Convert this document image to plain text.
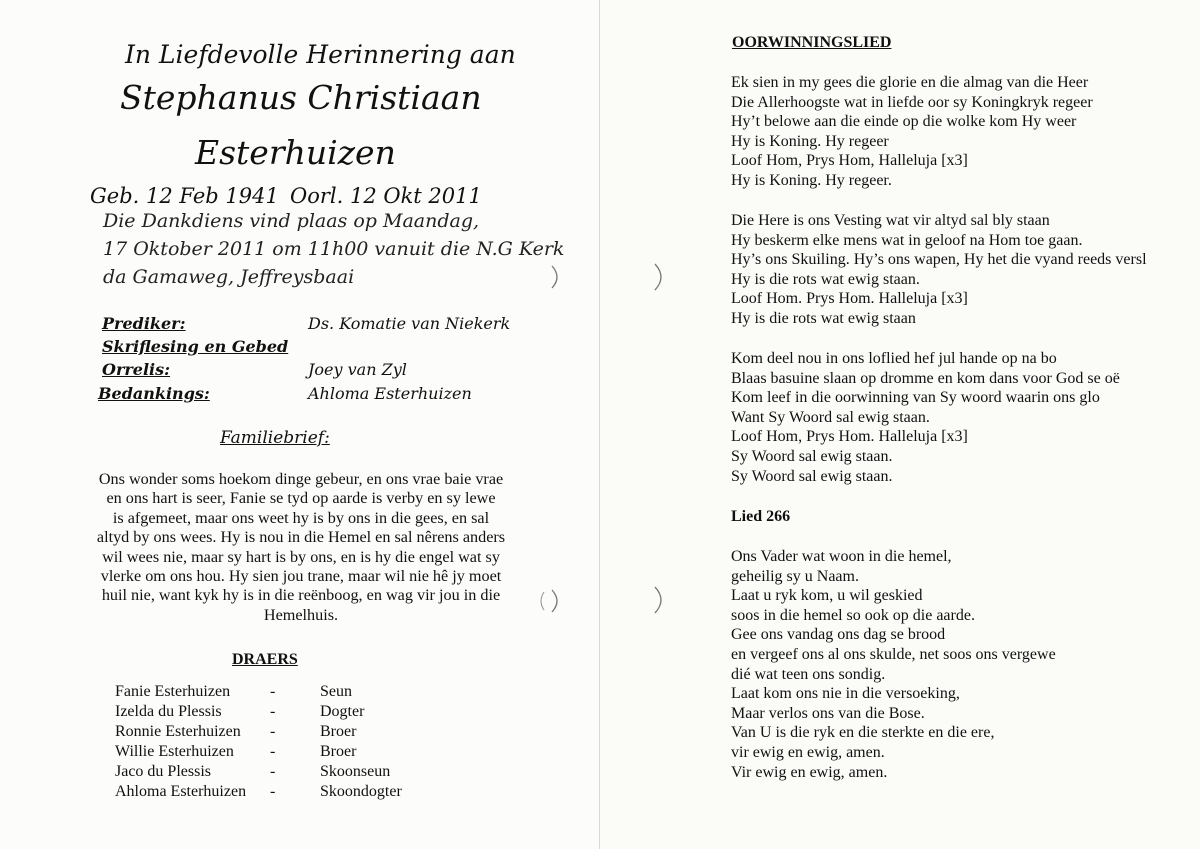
In Liefdevolle Herinnering aan
Stephanus Christiaan
Esterhuizen
Geb. 12 Feb 1941 Oorl. 12 Okt 2011
Die Dankdiens vind plaas op Maandag,
17 Oktober 2011 om 11h00 vanuit die N.G Kerk
da Gamaweg, Jeffreysbaai
Prediker:	Ds. Komatie van Niekerk
Skriflesing en Gebed
Orrelis:	Joey van Zyl
Bedankings:	Ahloma Esterhuizen
Familiebrief:
Ons wonder soms hoekom dinge gebeur, en ons vrae baie vrae
en ons hart is seer, Fanie se tyd op aarde is verby en sy lewe
is afgemeet, maar ons weet hy is by ons in die gees, en sal
altyd by ons wees. Hy is nou in die Hemel en sal nêrens anders
wil wees nie, maar sy hart is by ons, en is hy die engel wat sy
vlerke om ons hou. Hy sien jou trane, maar wil nie hê jy moet
huil nie, want kyk hy is in die reënboog, en wag vir jou in die
Hemelhuis.
DRAERS
Fanie Esterhuizen -	Seun
Izelda du Plessis	-	Dogter
Ronnie Esterhuizen -	Broer
Willie Esterhuizen -	Broer
Jaco du Plessis	-	Skoonseun
Ahloma Esterhuizen -	Skoondogter
OORWINNINGSLIED
Ek sien in my gees die glorie en die almag van die Heer
Die Allerhoogste wat in liefde oor sy Koningkryk regeer
Hy’t belowe aan die einde op die wolke kom Hy weer
Hy is Koning. Hy regeer
Loof Hom, Prys Hom, Halleluja [x3]
Hy is Koning. Hy regeer.
Die Here is ons Vesting wat vir altyd sal bly staan
Hy beskerm elke mens wat in geloof na Hom toe gaan.
Hy’s ons Skuiling. Hy’s ons wapen, Hy het die vyand reeds versl
Hy is die rots wat ewig staan.
Loof Hom. Prys Hom. Halleluja [x3]
Hy is die rots wat ewig staan
Kom deel nou in ons loflied hef jul hande op na bo
Blaas basuine slaan op dromme en kom dans voor God se oë
Kom leef in die oorwinning van Sy woord waarin ons glo
Want Sy Woord sal ewig staan.
Loof Hom, Prys Hom. Halleluja [x3]
Sy Woord sal ewig staan.
Sy Woord sal ewig staan.
Lied 266
Ons Vader wat woon in die hemel,
geheilig sy u Naam.
Laat u ryk kom, u wil geskied
soos in die hemel so ook op die aarde.
Gee ons vandag ons dag se brood
en vergeef ons al ons skulde, net soos ons vergewe
dié wat teen ons sondig.
Laat kom ons nie in die versoeking,
Maar verlos ons van die Bose.
Van U is die ryk en die sterkte en die ere,
vir ewig en ewig, amen.
Vir ewig en ewig, amen.
